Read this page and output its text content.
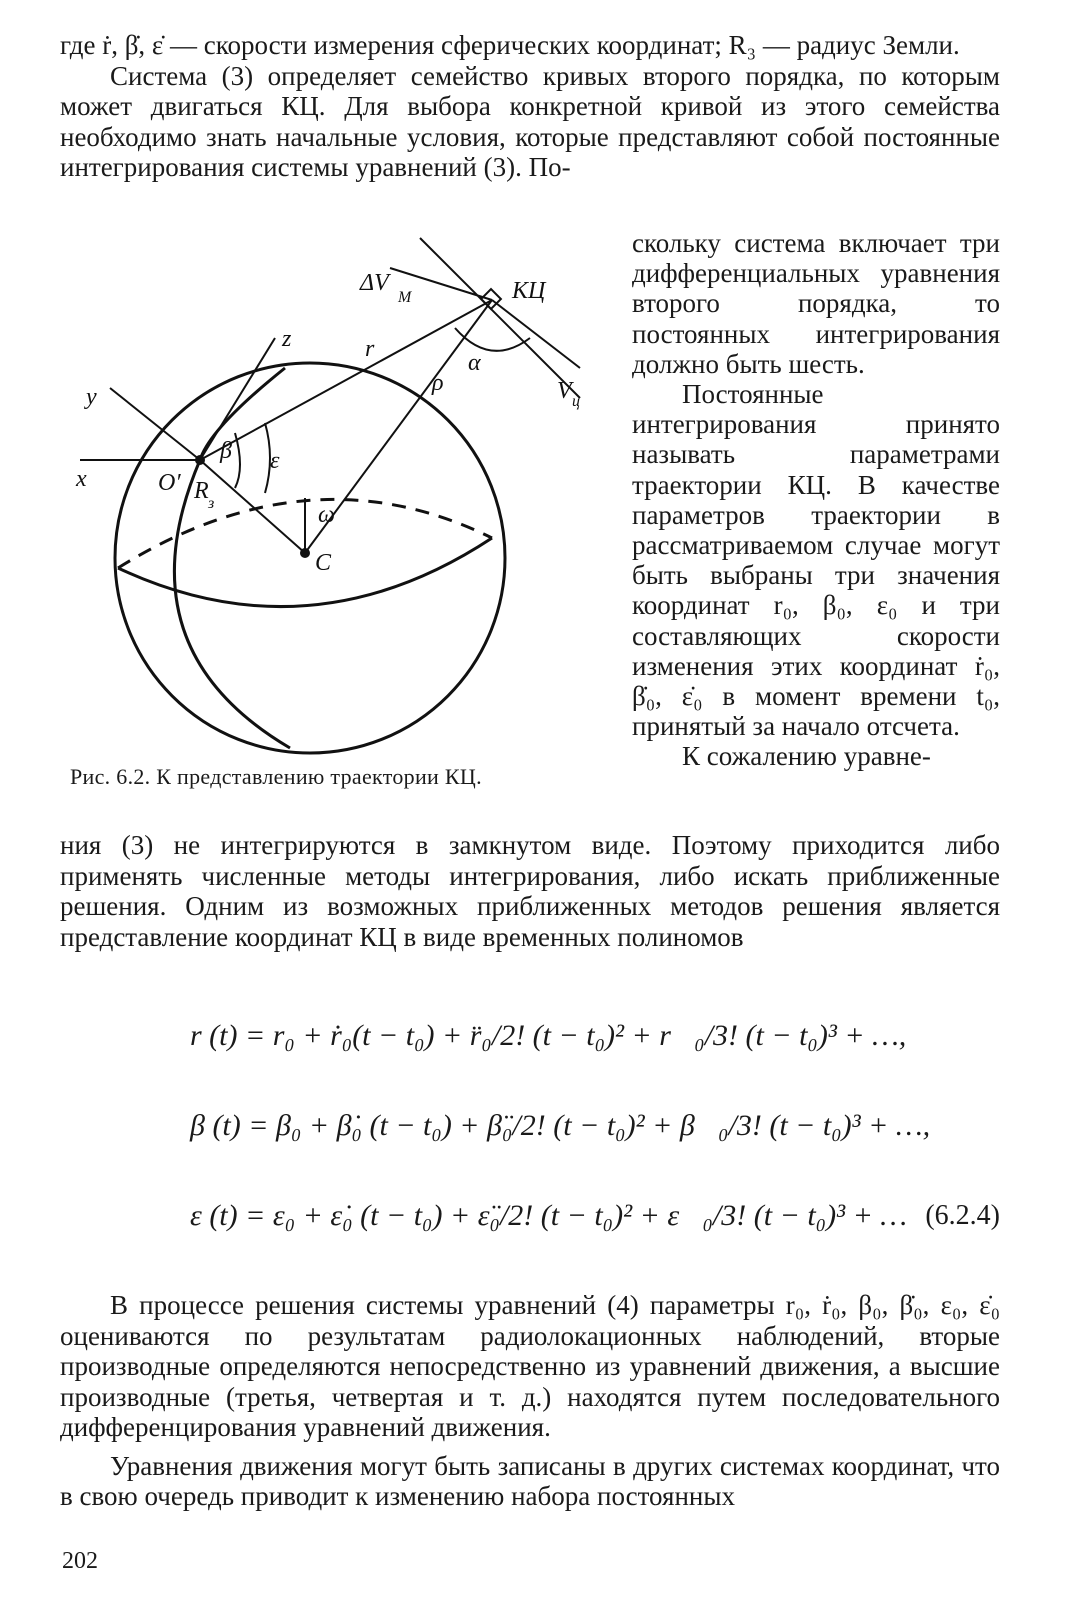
где ṙ, β̇, ε̇ — скорости измерения сферических координат; R₃ — радиус Земли.

Система (3) определяет семейство кривых второго порядка, по которым может двигаться КЦ. Для выбора конкретной кривой из этого семейства необходимо знать начальные условия, которые представляют собой постоянные интегрирования системы уравнений (3). По-

скольку система включает три дифференциальных уравнения второго порядка, то постоянных интегрирования должно быть шесть.

Постоянные интегрирования принято называть параметрами траектории КЦ. В качестве параметров траектории в рассматриваемом случае могут быть выбраны три значения координат r₀, β₀, ε₀ и три составляющих скорости изменения этих координат ṙ₀, β̇₀, ε̇₀ в момент времени t₀, принятый за начало отсчета.

К сожалению уравне-

ния (3) не интегрируются в замкнутом виде. Поэтому приходится либо применять численные методы интегрирования, либо искать приближенные решения. Одним из возможных приближенных методов решения является представление координат КЦ в виде временных полиномов

ΔV
M	КЦ
z
y
x	O′
β ε
r
ρ
α
V ц
R з	ω
C
Рис. 6.2. К представлению траектории КЦ.
r (t) = r₀ + ṙ₀(t − t₀) + r̈₀/2! (t − t₀)² + r⃛₀/3! (t − t₀)³ + …,
β (t) = β₀ + β̇₀ (t − t₀) + β̈₀/2! (t − t₀)² + β⃛₀/3! (t − t₀)³ + …,
ε (t) = ε₀ + ε̇₀ (t − t₀) + ε̈₀/2! (t − t₀)² + ε⃛₀/3! (t − t₀)³ + … (6.2.4)

В процессе решения системы уравнений (4) параметры r₀, ṙ₀, β₀, β̇₀, ε₀, ε̇₀ оцениваются по результатам радиолокационных наблюдений, вторые производные определяются непосредственно из уравнений движения, а высшие производные (третья, четвертая и т. д.) находятся путем последовательного дифференцирования уравнений движения.

Уравнения движения могут быть записаны в других системах координат, что в свою очередь приводит к изменению набора постоянных

202
